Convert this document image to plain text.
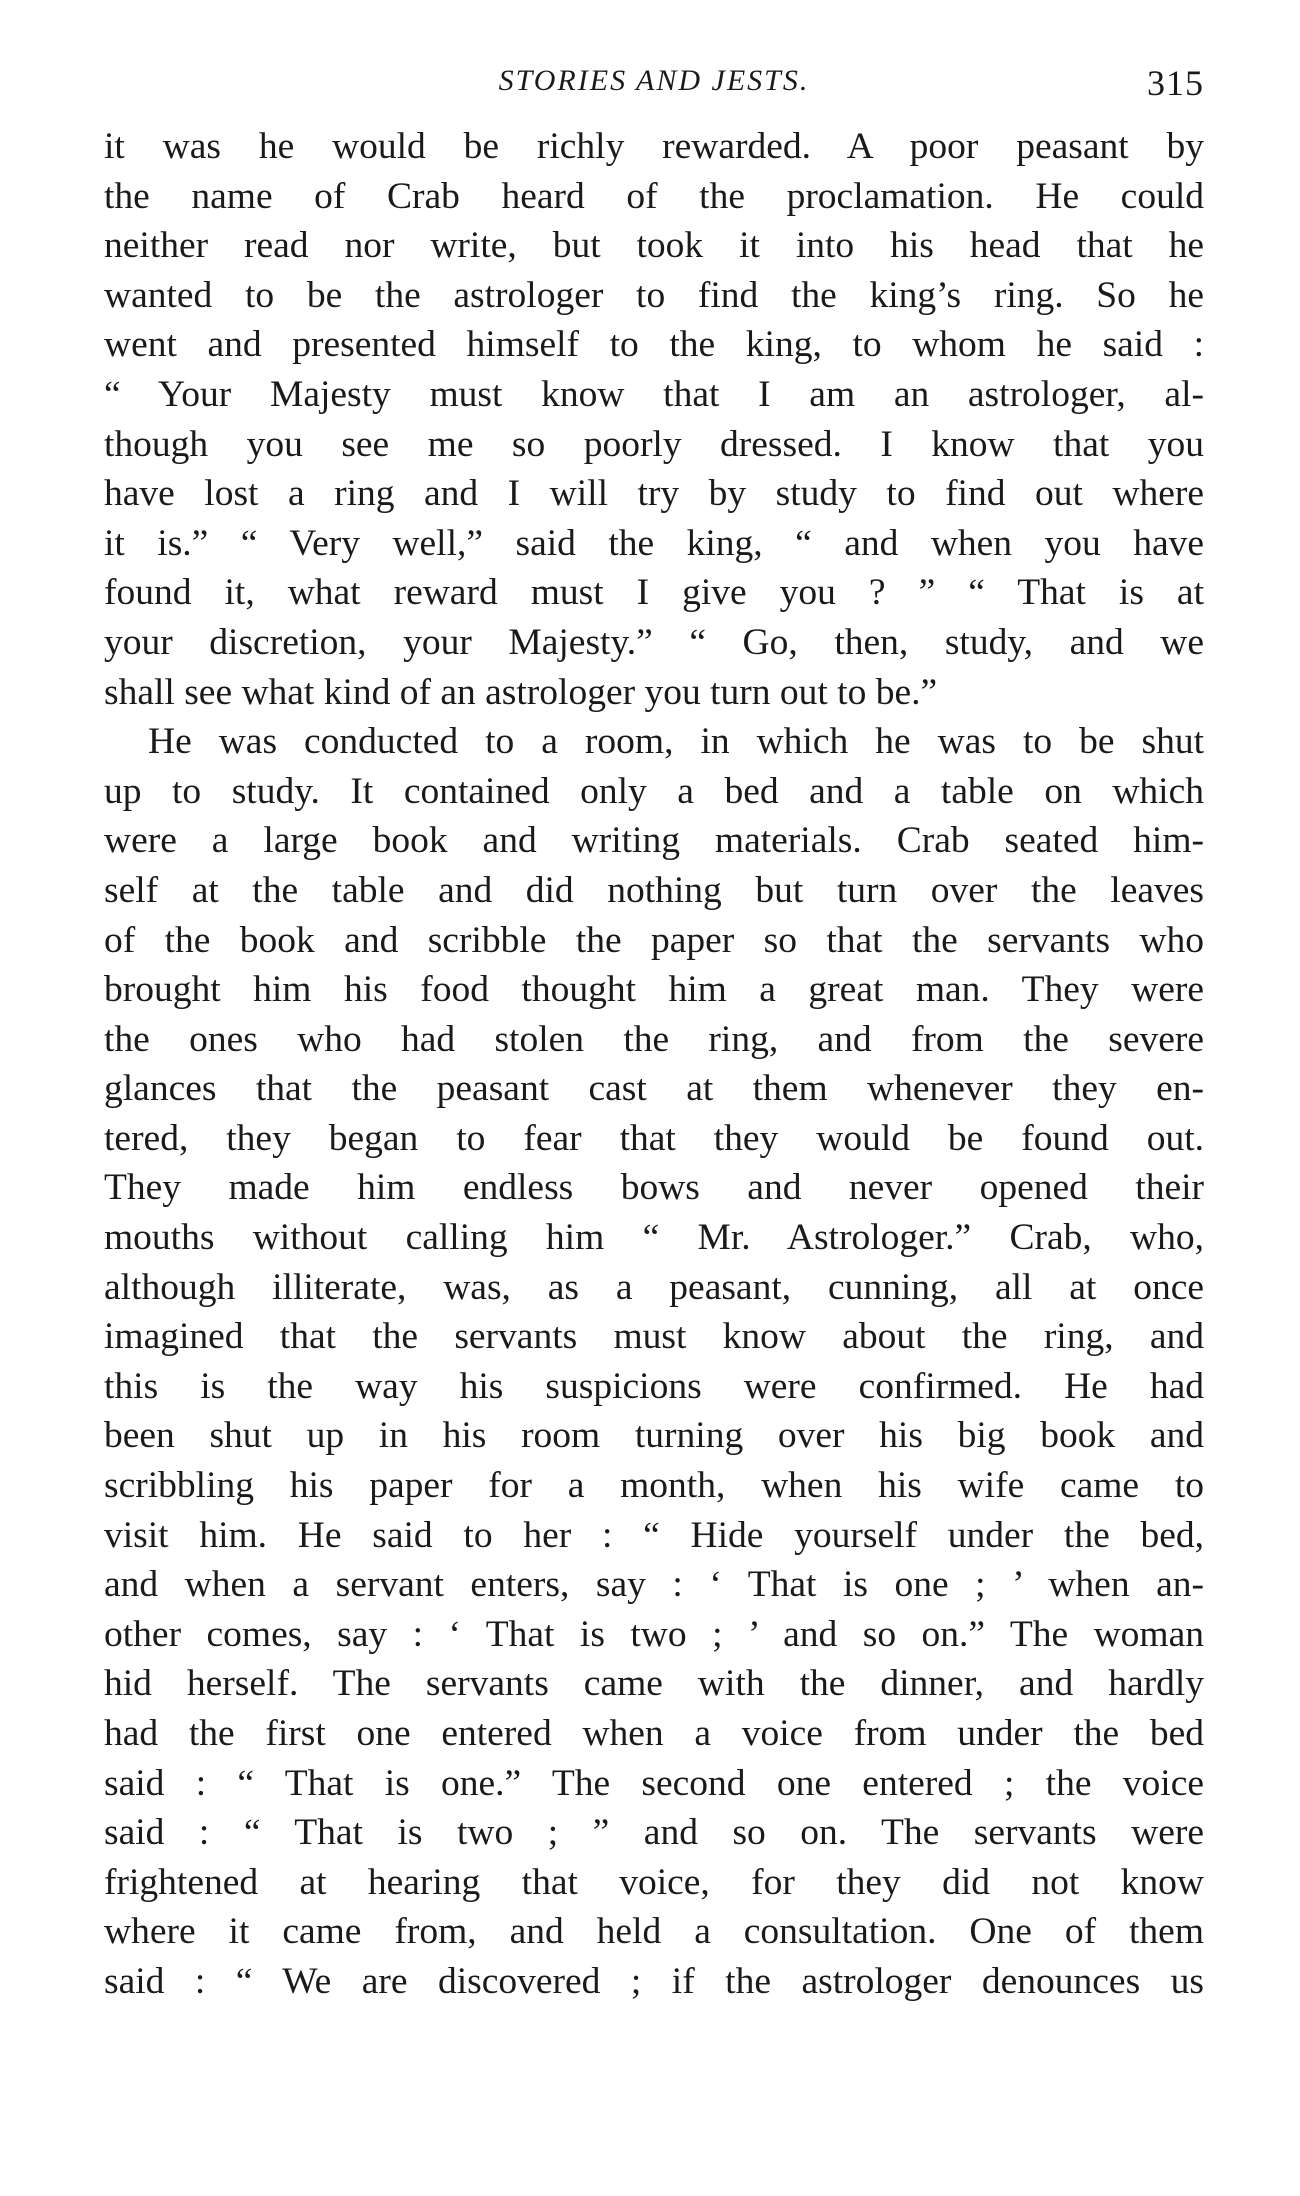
STORIES AND JESTS.	315

it was he would be richly rewarded. A poor peasant by

the name of Crab heard of the proclamation. He could

neither read nor write, but took it into his head that he

wanted to be the astrologer to find the king’s ring. So he

went and presented himself to the king, to whom he said :

“ Your Majesty must know that I am an astrologer, al-

though you see me so poorly dressed. I know that you

have lost a ring and I will try by study to find out where

it is.” “ Very well,” said the king, “ and when you have

found it, what reward must I give you ? ” “ That is at

your discretion, your Majesty.” “ Go, then, study, and we

shall see what kind of an astrologer you turn out to be.”

He was conducted to a room, in which he was to be shut

up to study. It contained only a bed and a table on which

were a large book and writing materials. Crab seated him-

self at the table and did nothing but turn over the leaves

of the book and scribble the paper so that the servants who

brought him his food thought him a great man. They were

the ones who had stolen the ring, and from the severe

glances that the peasant cast at them whenever they en-

tered, they began to fear that they would be found out.

They made him endless bows and never opened their

mouths without calling him “ Mr. Astrologer.” Crab, who,

although illiterate, was, as a peasant, cunning, all at once

imagined that the servants must know about the ring, and

this is the way his suspicions were confirmed. He had

been shut up in his room turning over his big book and

scribbling his paper for a month, when his wife came to

visit him. He said to her : “ Hide yourself under the bed,

and when a servant enters, say : ‘ That is one ; ’ when an-

other comes, say : ‘ That is two ; ’ and so on.” The woman

hid herself. The servants came with the dinner, and hardly

had the first one entered when a voice from under the bed

said : “ That is one.” The second one entered ; the voice

said : “ That is two ; ” and so on. The servants were

frightened at hearing that voice, for they did not know

where it came from, and held a consultation. One of them

said : “ We are discovered ; if the astrologer denounces us
